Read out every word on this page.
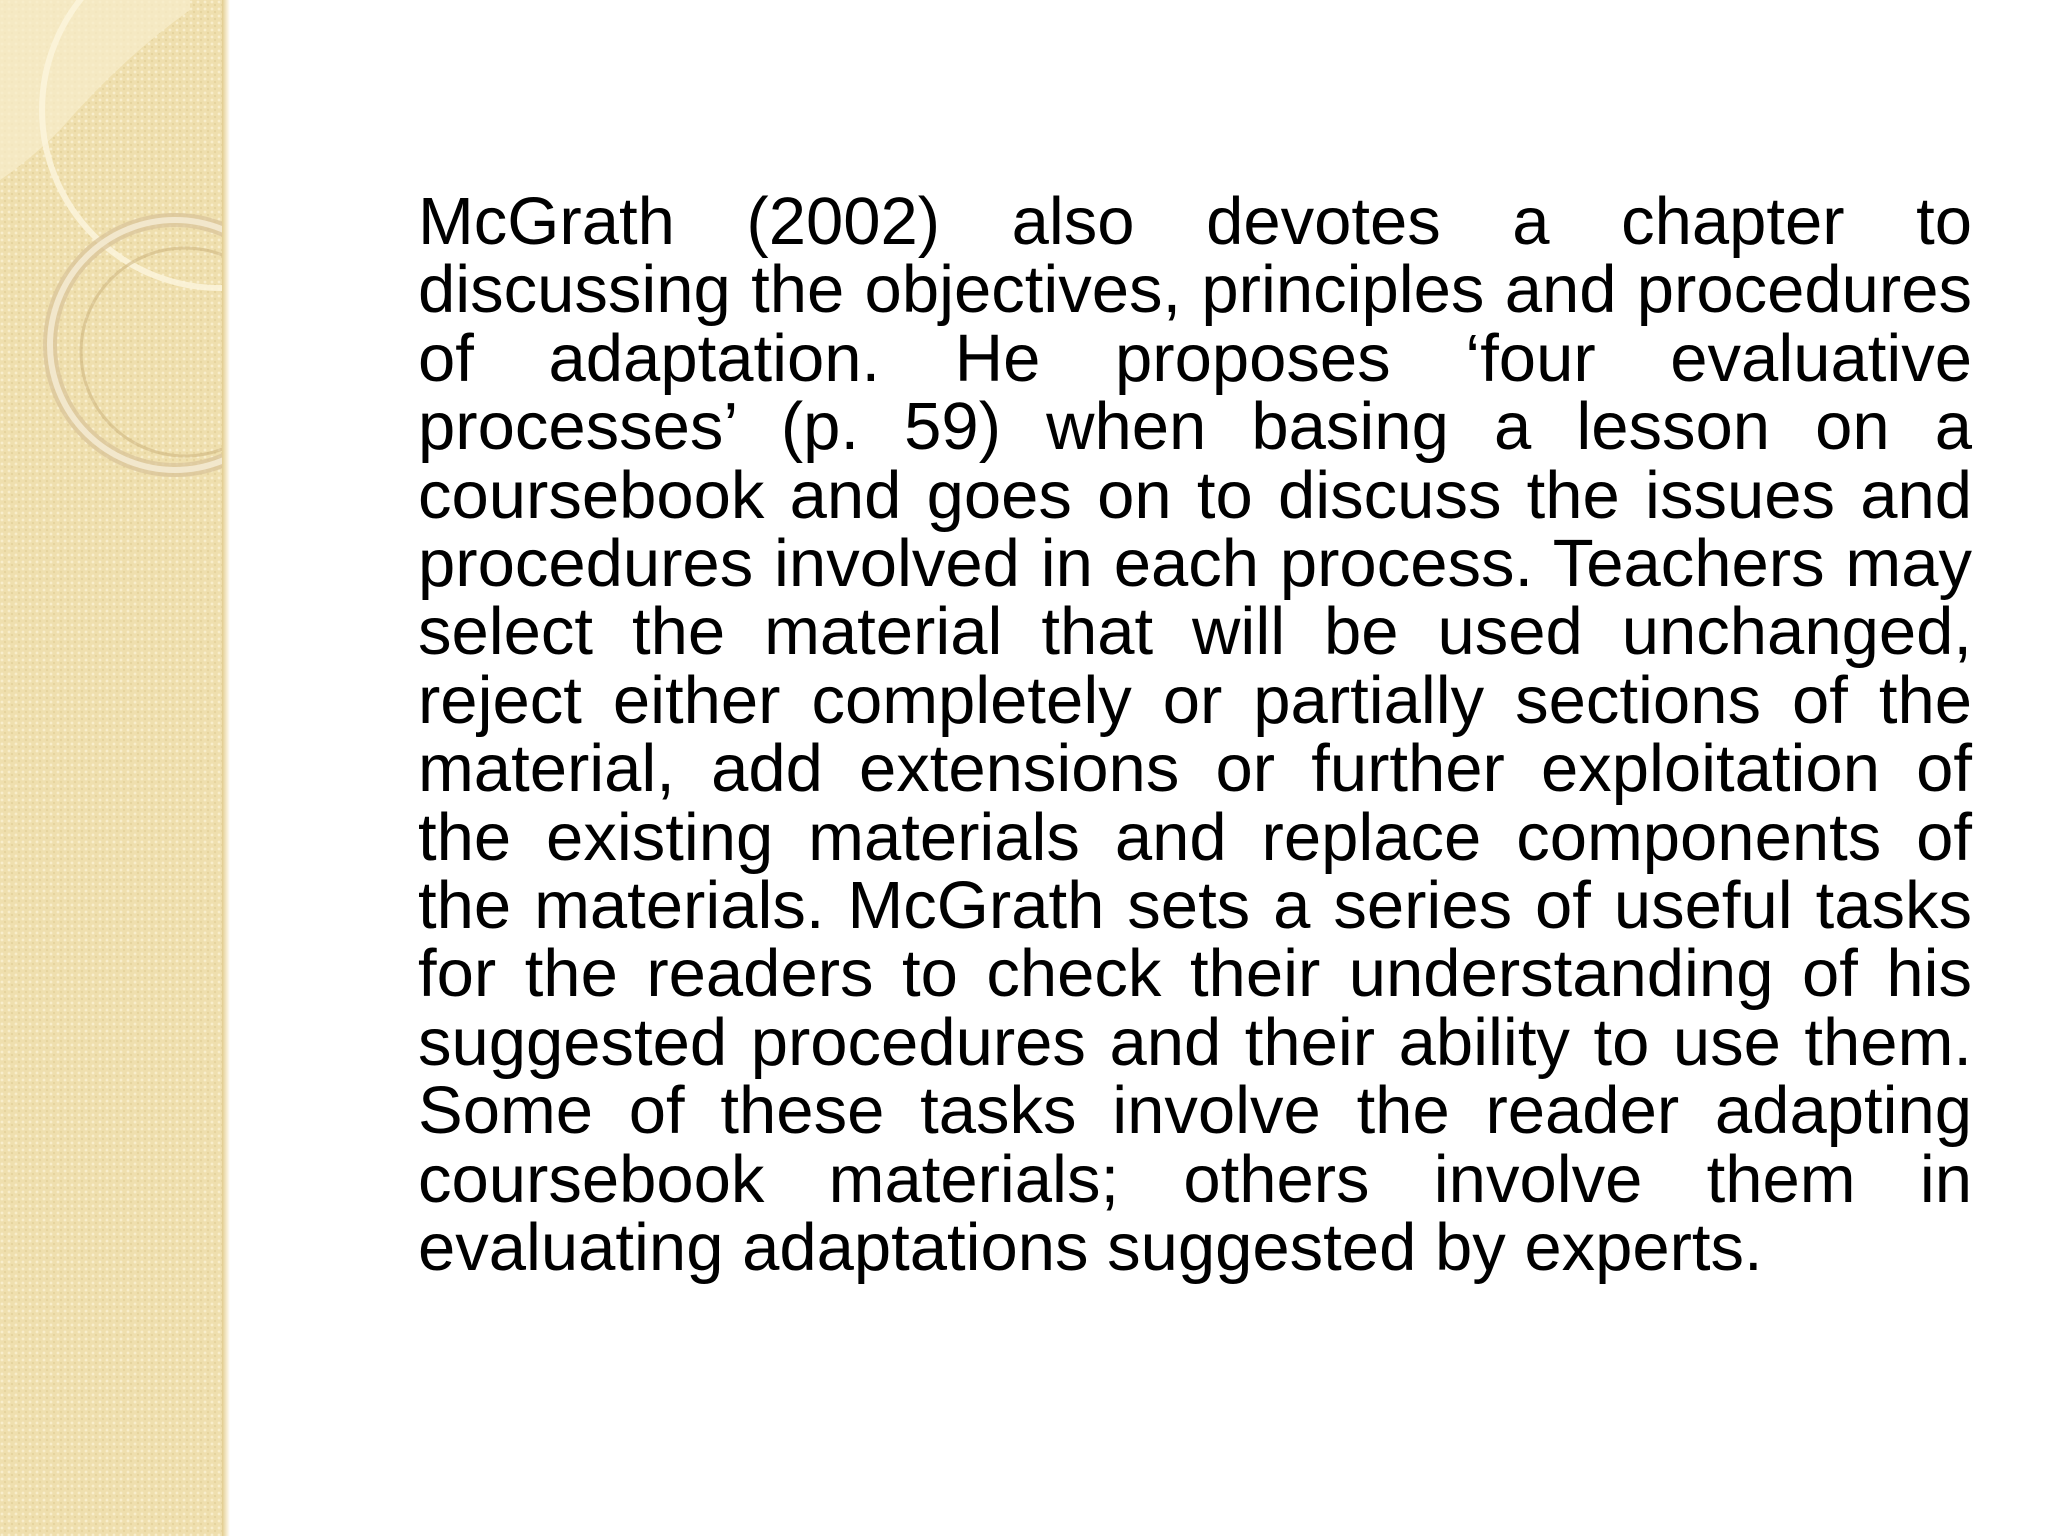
McGrath (2002) also devotes a chapter to discussing the objectives, principles and procedures of adaptation. He proposes ‘four evaluative processes’ (p. 59) when basing a lesson on a coursebook and goes on to discuss the issues and procedures involved in each process. Teachers may select the material that will be used unchanged, reject either completely or partially sections of the material, add extensions or further exploitation of the existing materials and replace components of the materials. McGrath sets a series of useful tasks for the readers to check their understanding of his suggested procedures and their ability to use them. Some of these tasks involve the reader adapting coursebook materials; others involve them in evaluating adaptations suggested by experts.
